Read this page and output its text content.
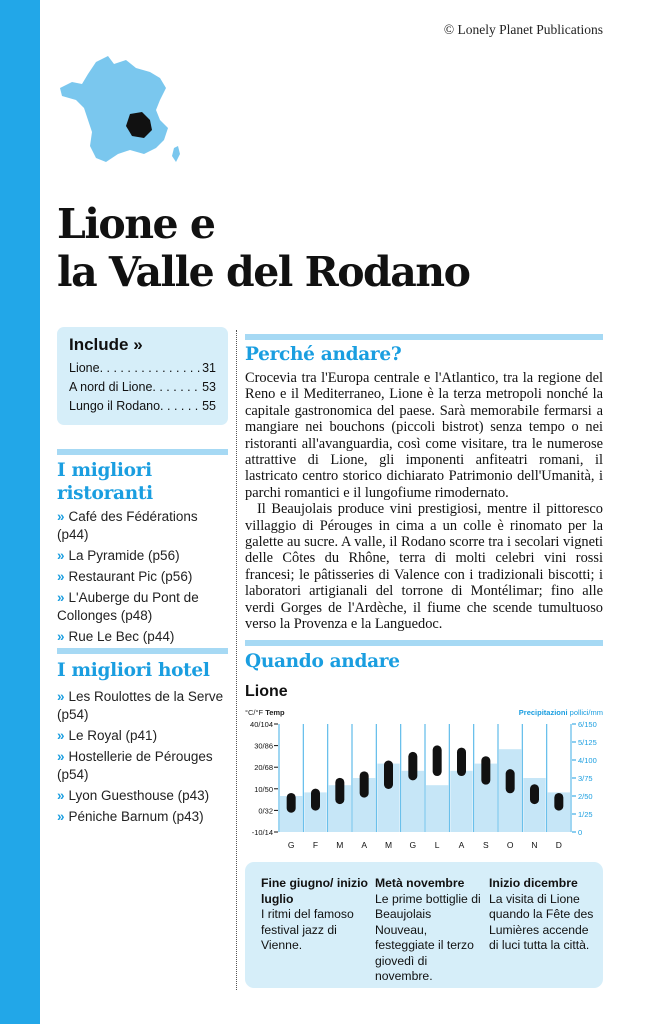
© Lonely Planet Publications
Lione e
la Valle del Rodano
Include »
Lione . . .	31
A nord di Lione . . .	53
Lungo il Rodano . . .	55
I migliori ristoranti
» Café des Fédérations (p44)
» La Pyramide (p56)
» Restaurant Pic (p56)
» L'Auberge du Pont de Collonges (p48)
» Rue Le Bec (p44)
I migliori hotel
» Les Roulottes de la Serve (p54)
» Le Royal (p41)
» Hostellerie de Pérouges (p54)
» Lyon Guesthouse (p43)
» Péniche Barnum (p43)
Perché andare?

Crocevia tra l'Europa centrale e l'Atlantico, tra la regione del Reno e il Mediterraneo, Lione è la terza metropoli nonché la capitale gastronomica del paese. Sarà memorabile fermarsi a mangiare nei bouchons (piccoli bistrot) senza tempo o nei ristoranti all'avanguardia, così come visitare, tra le numerose attrattive di Lione, gli imponenti anfiteatri romani, il lastricato centro storico dichiarato Patrimonio dell'Umanità, i parchi romantici e il lungofiume rimodernato.

Il Beaujolais produce vini prestigiosi, mentre il pittoresco villaggio di Pérouges in cima a un colle è rinomato per la galette au sucre. A valle, il Rodano scorre tra i secolari vigneti delle Côtes du Rhône, terra di molti celebri vini rossi francesi; le pâtisseries di Valence con i tradizionali biscotti; i laboratori artigianali del torrone di Montélimar; fino alle verdi Gorges de l'Ardèche, il fiume che scende tumultuoso verso la Provenza e la Languedoc.

Quando andare
Lione
°C/°F Temp	Precipitazioni pollici/mm
40/104
30/86
20/68
10/50
0/32
-10/14
6/150
5/125
4/100
3/75
2/50
1/25
0
G F M A M G L A S O N D
Fine giugno/ inizio luglio
I ritmi del famoso festival jazz di Vienne.
Metà novembre
Le prime bottiglie di Beaujolais Nouveau, festeggiate il terzo giovedì di novembre.
Inizio dicembre
La visita di Lione quando la Fête des Lumières accende di luci tutta la città.
